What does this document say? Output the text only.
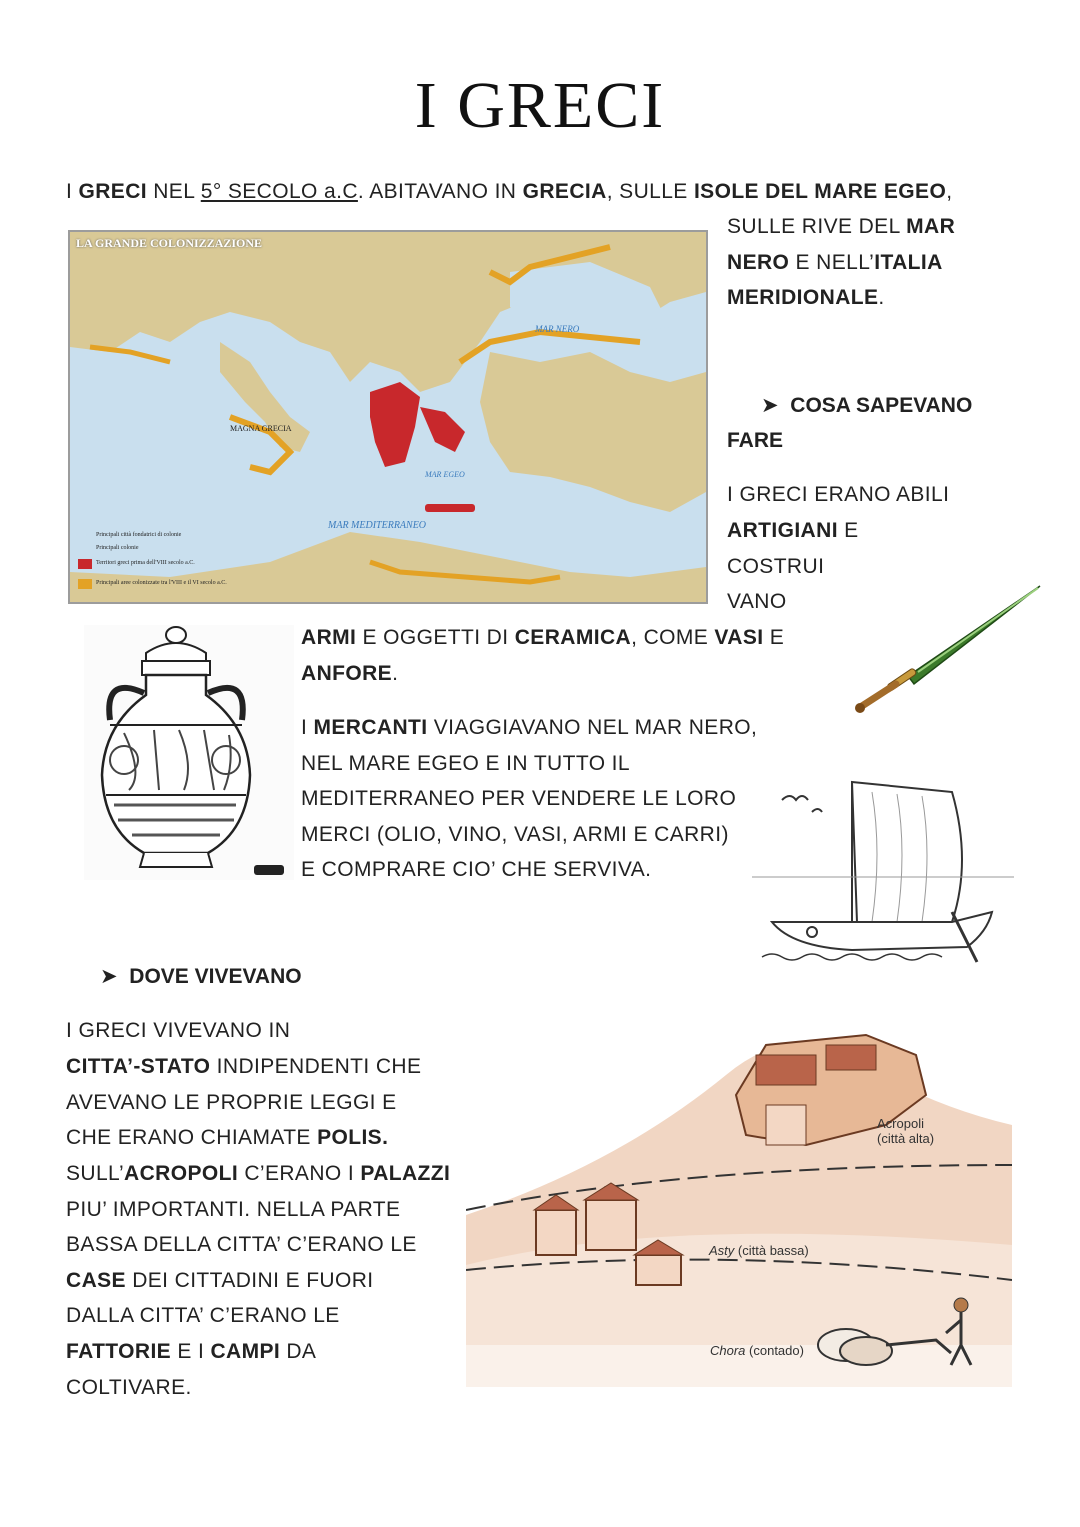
I GRECI
I GRECI NEL 5° SECOLO a.C. ABITAVANO IN GRECIA, SULLE ISOLE DEL MARE EGEO,
SULLE RIVE DEL MAR
NERO E NELL’ITALIA
MERIDIONALE.
LA GRANDE COLONIZZAZIONE
MAR MEDITERRANEO
MAR NERO
MAR EGEO
MAGNA GRECIA
Principali città fondatrici di colonie
Principali colonie
Territori greci prima dell'VIII secolo a.C.
Principali aree colonizzate tra l'VIII e il VI secolo a.C.
➤ COSA SAPEVANO
FARE
I GRECI ERANO ABILI
ARTIGIANI E
COSTRUI
VANO
ARMI E OGGETTI DI CERAMICA, COME VASI E
ANFORE.
I MERCANTI VIAGGIAVANO NEL MAR NERO,
NEL MARE EGEO E IN TUTTO IL
MEDITERRANEO PER VENDERE LE LORO
MERCI (OLIO, VINO, VASI, ARMI E CARRI)
E COMPRARE CIO’ CHE SERVIVA.
➤ DOVE VIVEVANO
I GRECI VIVEVANO IN
CITTA’-STATO INDIPENDENTI CHE
AVEVANO LE PROPRIE LEGGI E
CHE ERANO CHIAMATE POLIS.
SULL’ACROPOLI C’ERANO I PALAZZI
PIU’ IMPORTANTI. NELLA PARTE
BASSA DELLA CITTA’ C’ERANO LE
CASE DEI CITTADINI E FUORI
DALLA CITTA’ C’ERANO LE
FATTORIE E I CAMPI DA
COLTIVARE.
Acropoli
(città alta)
Asty (città bassa)
Chora (contado)
